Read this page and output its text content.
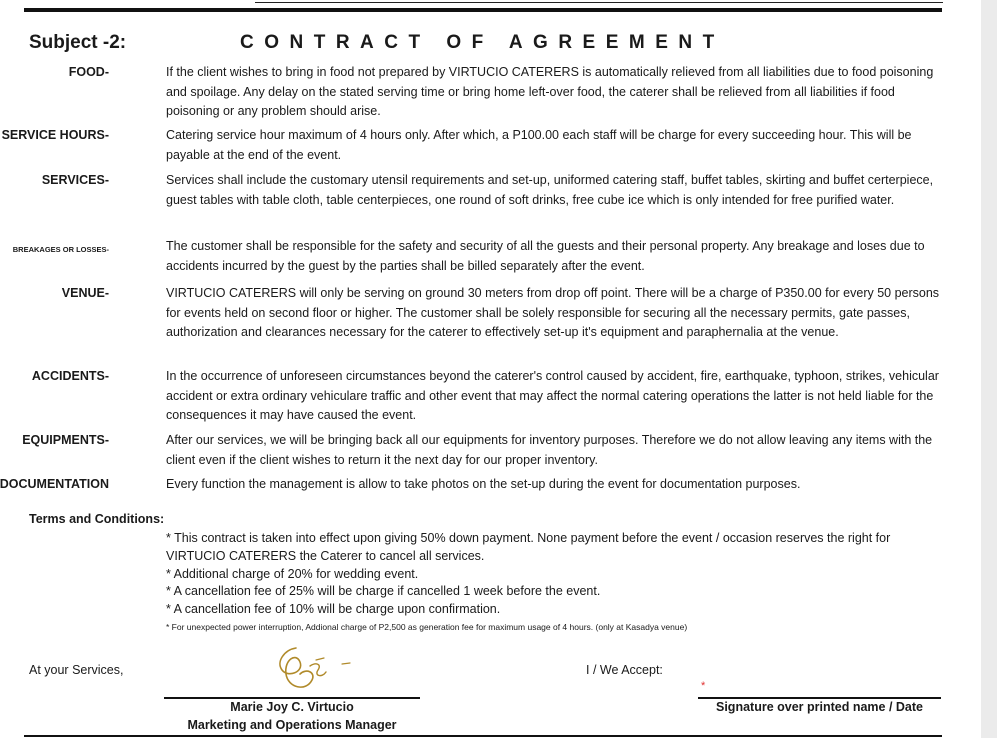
Subject -2:	CONTRACT OF AGREEMENT
FOOD-	If the client wishes to bring in food not prepared by VIRTUCIO CATERERS is automatically relieved from all liabilities due to food poisoning and spoilage. Any delay on the stated serving time or bring home left-over food, the caterer shall be relieved from all liabilities if food poisoning or any problem should arise.
SERVICE HOURS-	Catering service hour maximum of 4 hours only. After which, a P100.00 each staff will be charge for every succeeding hour. This will be payable at the end of the event.
SERVICES-	Services shall include the customary utensil requirements and set-up, uniformed catering staff, buffet tables, skirting and buffet certerpiece, guest tables with table cloth, table centerpieces, one round of soft drinks, free cube ice which is only intended for free purified water.
BREAKAGES OR LOSSES-	The customer shall be responsible for the safety and security of all the guests and their personal property. Any breakage and loses due to accidents incurred by the guest by the parties shall be billed separately after the event.
VENUE-	VIRTUCIO CATERERS will only be serving on ground 30 meters from drop off point. There will be a charge of P350.00 for every 50 persons for events held on second floor or higher. The customer shall be solely responsible for securing all the necessary permits, gate passes, authorization and clearances necessary for the caterer to effectively set-up it's equipment and paraphernalia at the venue.
ACCIDENTS-	In the occurrence of unforeseen circumstances beyond the caterer's control caused by accident, fire, earthquake, typhoon, strikes, vehicular accident or extra ordinary vehiculare traffic and other event that may affect the normal catering operations the latter is not held liable for the consequences it may have caused the event.
EQUIPMENTS-	After our services, we will be bringing back all our equipments for inventory purposes. Therefore we do not allow leaving any items with the client even if the client wishes to return it the next day for our proper inventory.
DOCUMENTATION	Every function the management is allow to take photos on the set-up during the event for documentation purposes.
Terms and Conditions:
* This contract is taken into effect upon giving 50% down payment. None payment before the event / occasion reserves the right for VIRTUCIO CATERERS the Caterer to cancel all services.
* Additional charge of 20% for wedding event.
* A cancellation fee of 25% will be charge if cancelled 1 week before the event.
* A cancellation fee of 10% will be charge upon confirmation.
* For unexpected power interruption, Addional charge of P2,500 as generation fee for maximum usage of 4 hours. (only at Kasadya venue)
At your Services,	I / We Accept:
*
Marie Joy C. Virtucio
Marketing and Operations Manager
Signature over printed name / Date
